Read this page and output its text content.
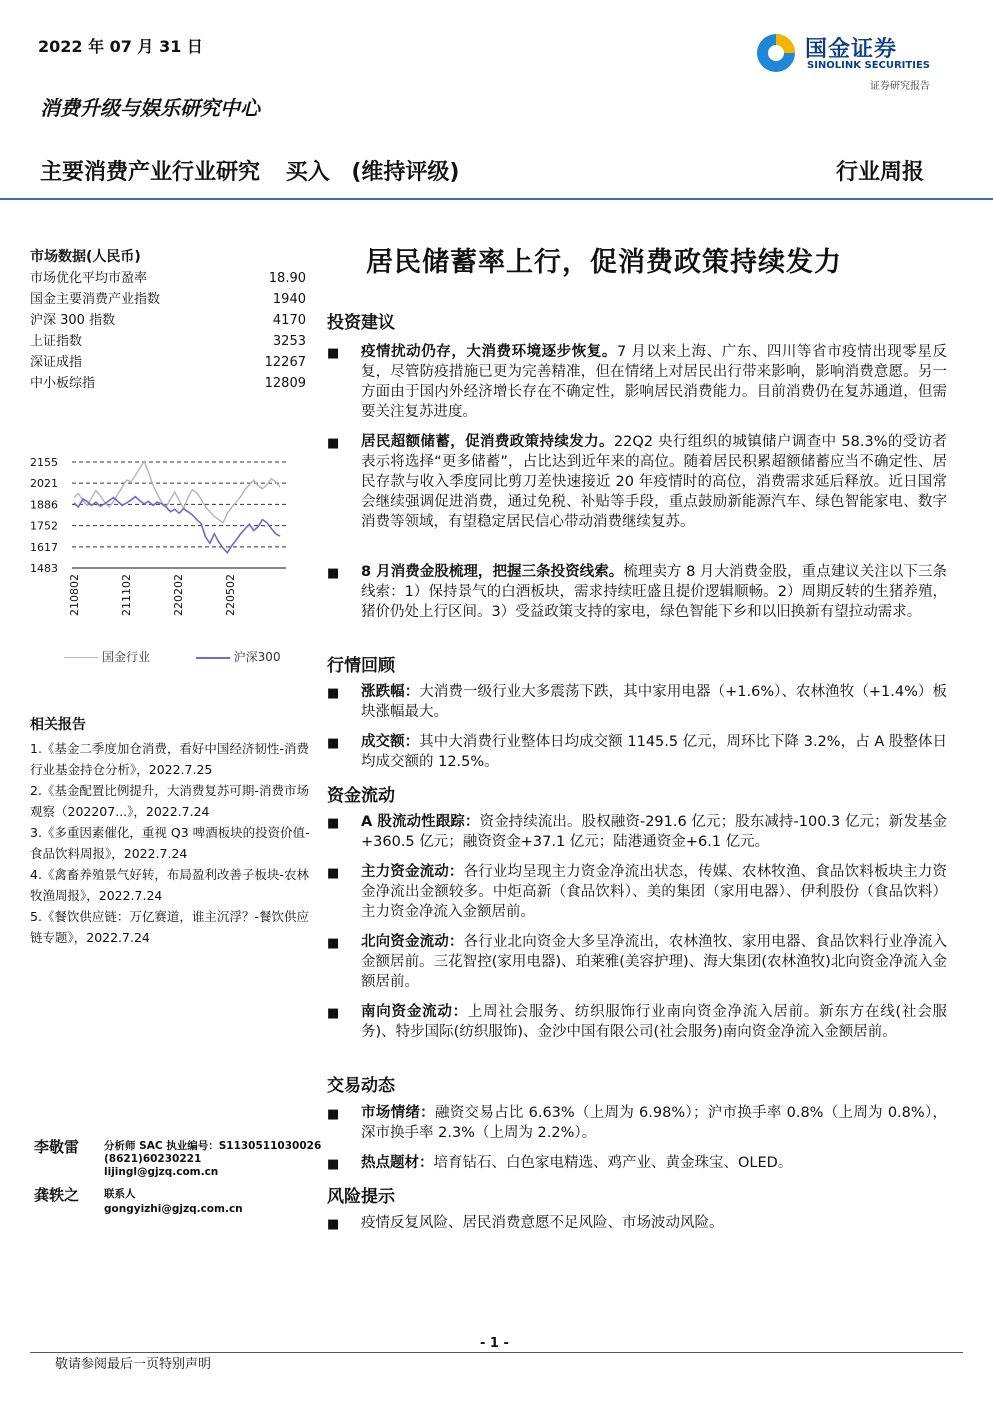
2022 年 07 月 31 日	国金证券
SINOLINK SECURITIES
证券研究报告
消费升级与娱乐研究中心
主要消费产业行业研究 买入 (维持评级)	行业周报
居民储蓄率上行，促消费政策持续发力
市场数据(人民币)
市场优化平均市盈率	18.90
国金主要消费产业指数	1940
沪深 300 指数	4170
上证指数	3253
深证成指	12267
中小板综指	12809
2155
2021
1886
1752
1617
1483
210802	211102	220202	220502
国金行业	沪深300
相关报告
1.《基金二季度加仓消费，看好中国经济韧性-消费行业基金持仓分析》，2022.7.25
2.《基金配置比例提升，大消费复苏可期-消费市场观察（202207...》，2022.7.24
3.《多重因素催化，重视 Q3 啤酒板块的投资价值-食品饮料周报》，2022.7.24
4.《禽畜养殖景气好转，布局盈利改善子板块-农林牧渔周报》，2022.7.24
5.《餐饮供应链：万亿赛道，谁主沉浮？-餐饮供应链专题》，2022.7.24
李敬雷 分析师 SAC 执业编号：S1130511030026
(8621)60230221
lijingl@gjzq.com.cn
龚轶之 联系人
gongyizhi@gjzq.com.cn
投资建议
■ 疫情扰动仍存，大消费环境逐步恢复。7 月以来上海、广东、四川等省市疫情出现零星反复，尽管防疫措施已更为完善精准，但在情绪上对居民出行带来影响，影响消费意愿。另一方面由于国内外经济增长存在不确定性，影响居民消费能力。目前消费仍在复苏通道，但需要关注复苏进度。
■ 居民超额储蓄，促消费政策持续发力。22Q2 央行组织的城镇储户调查中 58.3%的受访者表示将选择“更多储蓄”，占比达到近年来的高位。随着居民积累超额储蓄应当不确定性、居民存款与收入季度同比剪刀差快速接近 20 年疫情时的高位，消费需求延后释放。近日国常会继续强调促进消费，通过免税、补贴等手段，重点鼓励新能源汽车、绿色智能家电、数字消费等领域，有望稳定居民信心带动消费继续复苏。
■ 8 月消费金股梳理，把握三条投资线索。梳理卖方 8 月大消费金股，重点建议关注以下三条线索：1）保持景气的白酒板块，需求持续旺盛且提价逻辑顺畅。2）周期反转的生猪养殖，猪价仍处上行区间。3）受益政策支持的家电，绿色智能下乡和以旧换新有望拉动需求。
行情回顾
■ 涨跌幅：大消费一级行业大多震荡下跌，其中家用电器（+1.6%）、农林渔牧（+1.4%）板块涨幅最大。
■ 成交额：其中大消费行业整体日均成交额 1145.5 亿元，周环比下降 3.2%，占 A 股整体日均成交额的 12.5%。
资金流动
■ A 股流动性跟踪：资金持续流出。股权融资-291.6 亿元；股东减持-100.3 亿元；新发基金+360.5 亿元；融资资金+37.1 亿元；陆港通资金+6.1 亿元。
■ 主力资金流动：各行业均呈现主力资金净流出状态，传媒、农林牧渔、食品饮料板块主力资金净流出金额较多。中炬高新（食品饮料）、美的集团（家用电器）、伊利股份（食品饮料）主力资金净流入金额居前。
■ 北向资金流动：各行业北向资金大多呈净流出，农林渔牧、家用电器、食品饮料行业净流入金额居前。三花智控(家用电器)、珀莱雅(美容护理)、海大集团(农林渔牧)北向资金净流入金额居前。
■ 南向资金流动：上周社会服务、纺织服饰行业南向资金净流入居前。新东方在线(社会服务)、特步国际(纺织服饰)、金沙中国有限公司(社会服务)南向资金净流入金额居前。
交易动态
■ 市场情绪：融资交易占比 6.63%（上周为 6.98%）；沪市换手率 0.8%（上周为 0.8%），深市换手率 2.3%（上周为 2.2%）。
■ 热点题材：培育钻石、白色家电精选、鸡产业、黄金珠宝、OLED。
风险提示
■ 疫情反复风险、居民消费意愿不足风险、市场波动风险。
- 1 -
敬请参阅最后一页特别声明
